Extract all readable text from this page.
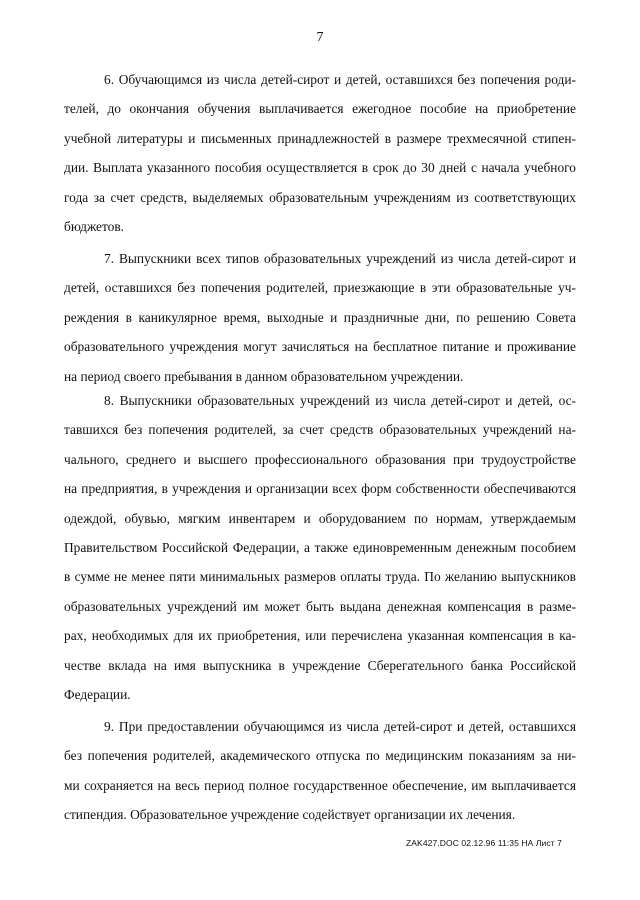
7
6. Обучающимся из числа детей-сирот и детей, оставшихся без попечения роди-
телей, до окончания обучения выплачивается ежегодное пособие на приобретение
учебной литературы и письменных принадлежностей в размере трехмесячной стипен-
дии. Выплата указанного пособия осуществляется в срок до 30 дней с начала учебного
года за счет средств, выделяемых образовательным учреждениям из соответствующих
бюджетов.
7. Выпускники всех типов образовательных учреждений из числа детей-сирот и
детей, оставшихся без попечения родителей, приезжающие в эти образовательные уч-
реждения в каникулярное время, выходные и праздничные дни, по решению Совета
образовательного учреждения могут зачисляться на бесплатное питание и проживание
на период своего пребывания в данном образовательном учреждении.
8. Выпускники образовательных учреждений из числа детей-сирот и детей, ос-
тавшихся без попечения родителей, за счет средств образовательных учреждений на-
чального, среднего и высшего профессионального образования при трудоустройстве
на предприятия, в учреждения и организации всех форм собственности обеспечиваются
одеждой, обувью, мягким инвентарем и оборудованием по нормам, утверждаемым
Правительством Российской Федерации, а также единовременным денежным пособием
в сумме не менее пяти минимальных размеров оплаты труда. По желанию выпускников
образовательных учреждений им может быть выдана денежная компенсация в разме-
рах, необходимых для их приобретения, или перечислена указанная компенсация в ка-
честве вклада на имя выпускника в учреждение Сберегательного банка Российской
Федерации.
9. При предоставлении обучающимся из числа детей-сирот и детей, оставшихся
без попечения родителей, академического отпуска по медицинским показаниям за ни-
ми сохраняется на весь период полное государственное обеспечение, им выплачивается
стипендия. Образовательное учреждение содействует организации их лечения.
ZAK427.DOC 02.12.96 11:35 НА Лист 7
